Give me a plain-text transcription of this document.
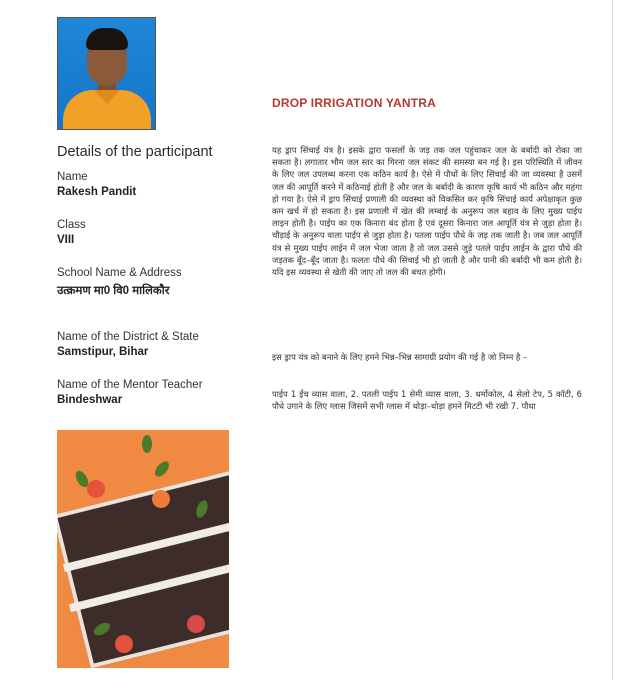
Details of the participant
Name
Rakesh Pandit
Class
VIII
School Name & Address
उत्क्रमण मा0 वि0 मालिकौर
Name of the District & State
Samstipur, Bihar
Name of the Mentor Teacher
Bindeshwar
DROP IRRIGATION YANTRA

यह ड्राप सिंचाई यंत्र है। इसके द्वारा फसलों के जड़ तक जल पहुंचाकर जल के बर्बादी को रोका जा सकता है। लगातार भौम जल स्तर का गिरना जल संकट की समस्या बन गई है। इस परिस्थिति में जीवन के लिए जल उपलब्ध करना एक कठिन कार्य है। ऐसे में पौधों के लिए सिंचाई की जा व्यवस्था है उसमें जल की आपूर्ति करने में कठिनाई होती है और जल के बर्बादी के कारण कृषि कार्य भी कठिन और महंगा हो गया है। ऐसे में ड्राप सिंचाई प्रणाली की व्यवस्था को विकसित कर कृषि सिंचाई कार्य अपेक्षाकृत कुछ कम खर्च में हो सकता है। इस प्रणाली में खेत की लम्बाई के अनुरूप जल बहाव के लिए मुख्य पाईप लाइन होती है। पाईप का एक किनारा बंद होता है एवं दूसरा किनारा जल आपूर्ति यंत्र से जुड़ा होता है। चौड़ाई के अनुरूप वाला पाईप से जुड़ा होता है। पतला पाईप पौधे के जड़ तक जाती है। जब जल आपूर्ति यंत्र से मुख्य पाईप लाईन में जल भेजा जाता है तो जल उससे जुड़े पतले पाईप लाईन के द्वारा पौधे की जड़तक बूँद–बूँद जाता है। फलतः पौधे की सिंचाई भी हो जाती है और पानी की बर्बादी भी कम होती है। यदि इस व्यवस्था से खेती की जाए तो जल की बचत होगी।

इस ड्राप यंत्र को बनाने के लिए हमने भिन्न–भिन्न सामाग्री प्रयोग की गई है जो निम्न है –

पाईप 1 ईंच व्यास वाला, 2. पतली पाईप 1 सेमी व्यास वाला, 3. थर्मोकोल, 4 सेलो टेप, 5 कॉटी, 6 पौधे उगाने के लिए ग्लास जिसमें सभी ग्लास में थोड़ा–थोड़ा हमने मिटटी भी रखी 7. पौधा
